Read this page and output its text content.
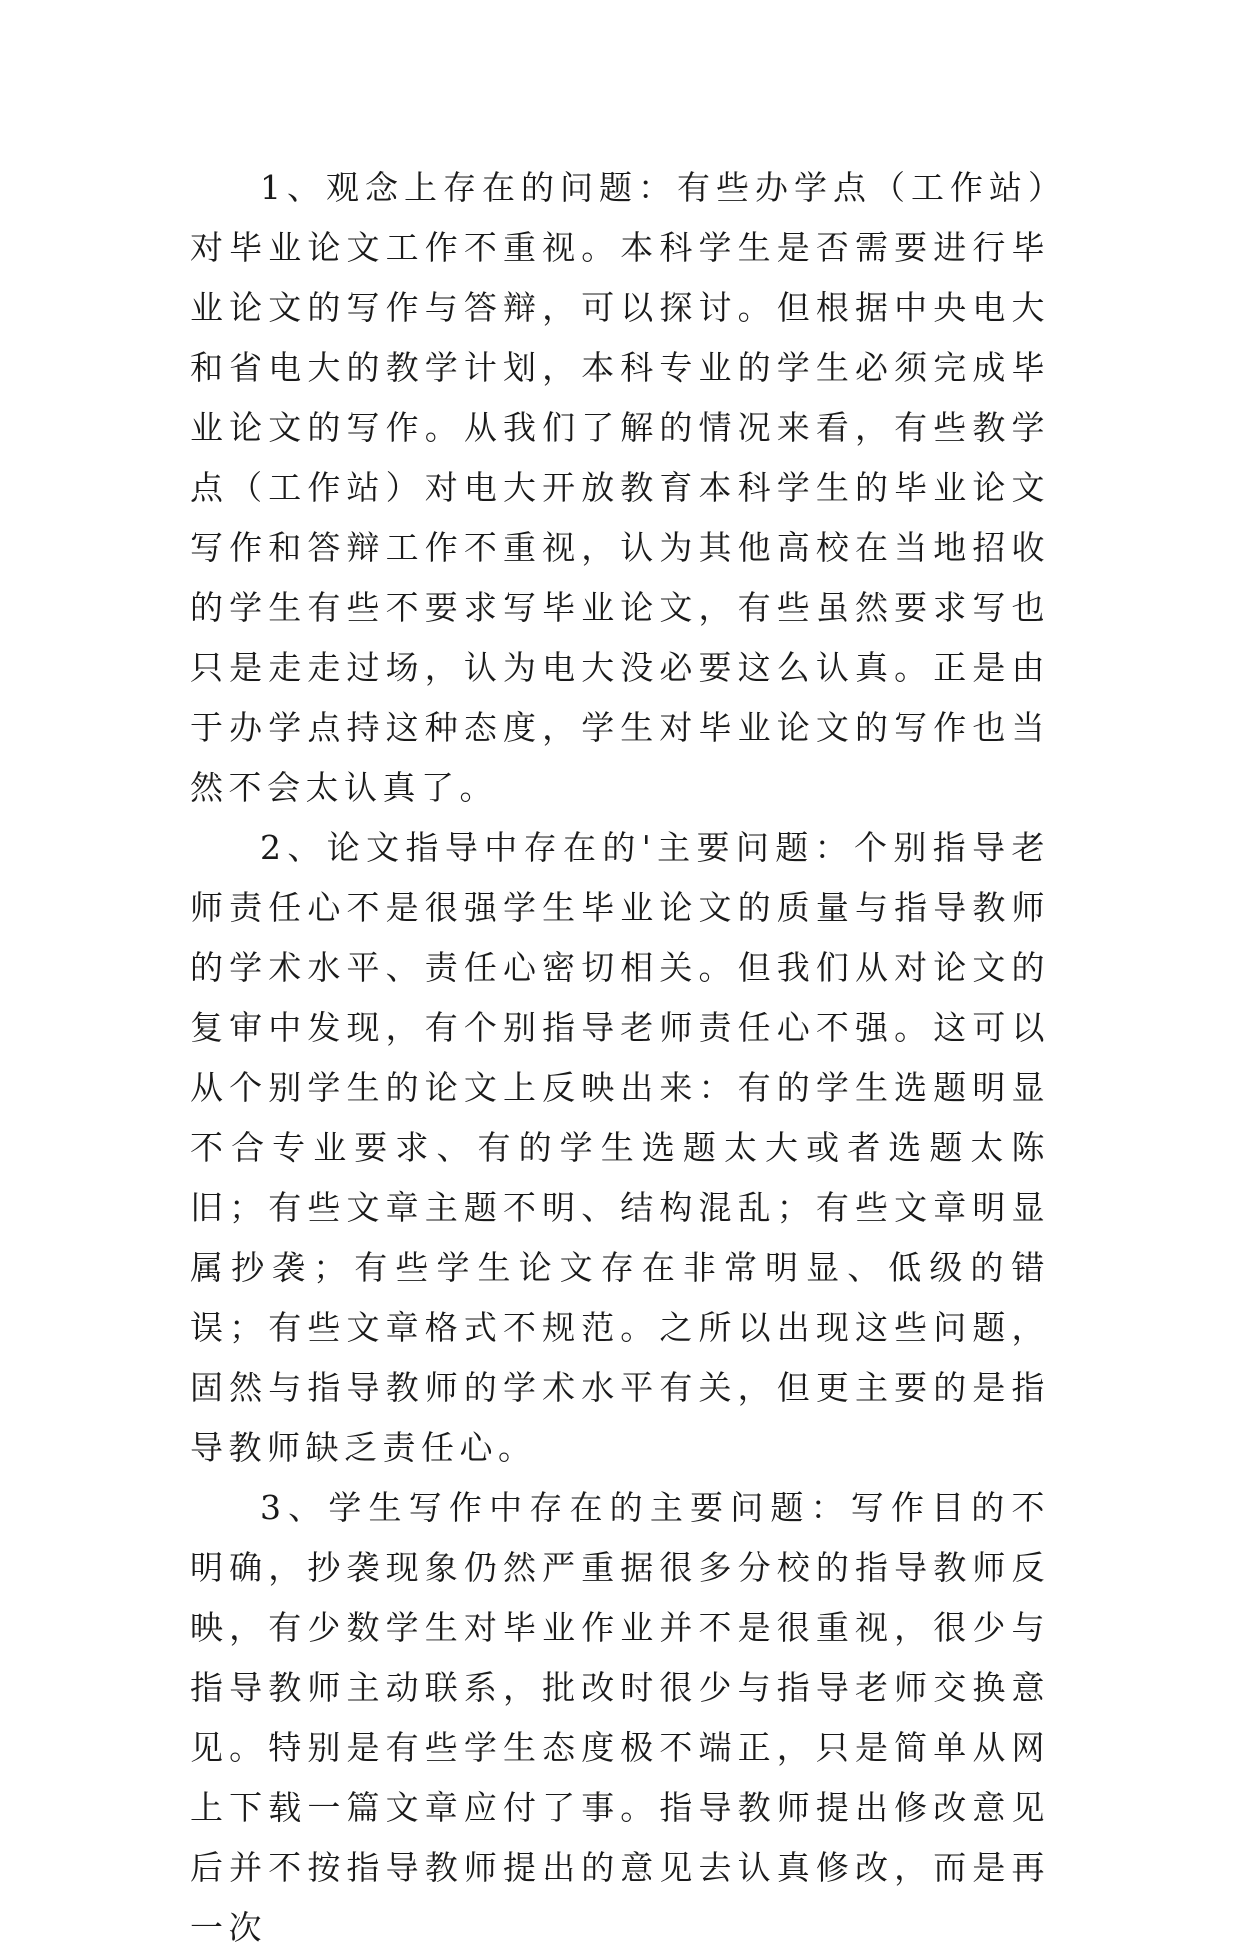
1、观念上存在的问题：有些办学点（工作站）对毕业论文工作不重视。本科学生是否需要进行毕业论文的写作与答辩，可以探讨。但根据中央电大和省电大的教学计划，本科专业的学生必须完成毕业论文的写作。从我们了解的情况来看，有些教学点（工作站）对电大开放教育本科学生的毕业论文写作和答辩工作不重视，认为其他高校在当地招收的学生有些不要求写毕业论文，有些虽然要求写也只是走走过场，认为电大没必要这么认真。正是由于办学点持这种态度，学生对毕业论文的写作也当然不会太认真了。

2、论文指导中存在的'主要问题：个别指导老师责任心不是很强学生毕业论文的质量与指导教师的学术水平、责任心密切相关。但我们从对论文的复审中发现，有个别指导老师责任心不强。这可以从个别学生的论文上反映出来：有的学生选题明显不合专业要求、有的学生选题太大或者选题太陈旧；有些文章主题不明、结构混乱；有些文章明显属抄袭；有些学生论文存在非常明显、低级的错误；有些文章格式不规范。之所以出现这些问题，固然与指导教师的学术水平有关，但更主要的是指导教师缺乏责任心。

3、学生写作中存在的主要问题：写作目的不明确，抄袭现象仍然严重据很多分校的指导教师反映，有少数学生对毕业作业并不是很重视，很少与指导教师主动联系，批改时很少与指导老师交换意见。特别是有些学生态度极不端正，只是简单从网上下载一篇文章应付了事。指导教师提出修改意见后并不按指导教师提出的意见去认真修改，而是再一次
